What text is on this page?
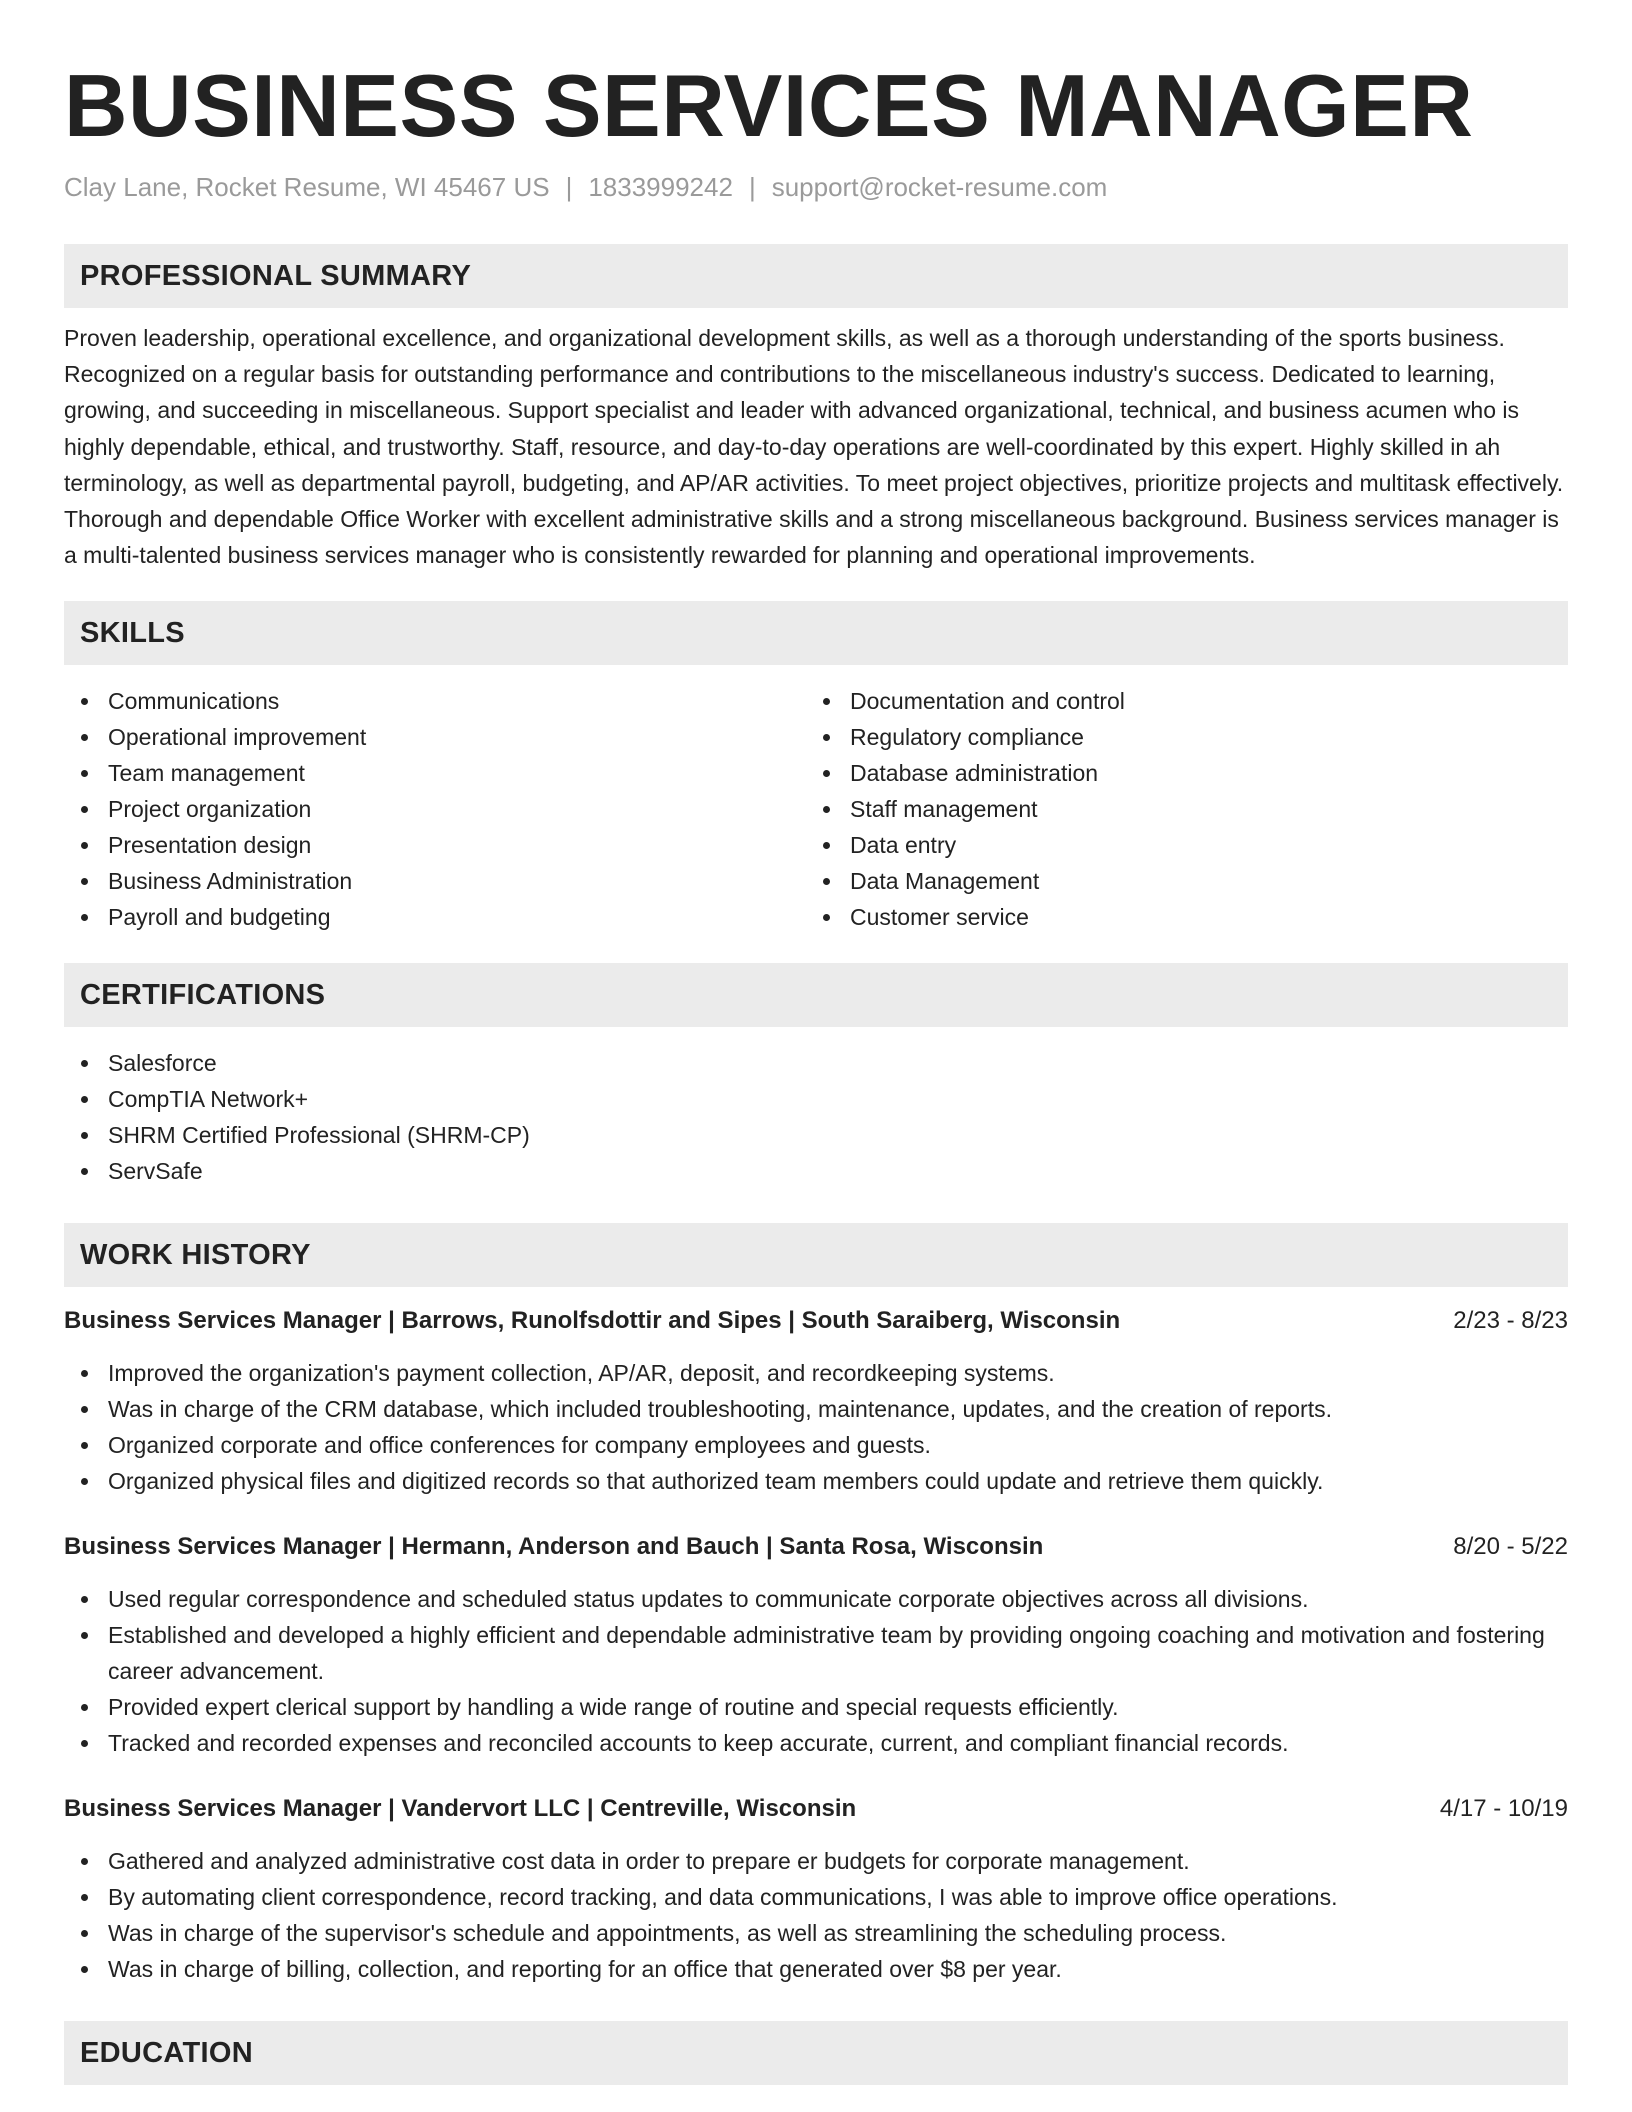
BUSINESS SERVICES MANAGER
Clay Lane, Rocket Resume, WI 45467 US | 1833999242 | support@rocket-resume.com
PROFESSIONAL SUMMARY

Proven leadership, operational excellence, and organizational development skills, as well as a thorough understanding of the sports business. Recognized on a regular basis for outstanding performance and contributions to the miscellaneous industry's success. Dedicated to learning, growing, and succeeding in miscellaneous. Support specialist and leader with advanced organizational, technical, and business acumen who is highly dependable, ethical, and trustworthy. Staff, resource, and day-to-day operations are well-coordinated by this expert. Highly skilled in ah terminology, as well as departmental payroll, budgeting, and AP/AR activities. To meet project objectives, prioritize projects and multitask effectively. Thorough and dependable Office Worker with excellent administrative skills and a strong miscellaneous background. Business services manager is a multi-talented business services manager who is consistently rewarded for planning and operational improvements.

SKILLS
Communications
Operational improvement
Team management
Project organization
Presentation design
Business Administration
Payroll and budgeting
Documentation and control
Regulatory compliance
Database administration
Staff management
Data entry
Data Management
Customer service
CERTIFICATIONS
Salesforce
CompTIA Network+
SHRM Certified Professional (SHRM-CP)
ServSafe
WORK HISTORY
Business Services Manager | Barrows, Runolfsdottir and Sipes | South Saraiberg, Wisconsin	2/23 - 8/23
Improved the organization's payment collection, AP/AR, deposit, and recordkeeping systems.
Was in charge of the CRM database, which included troubleshooting, maintenance, updates, and the creation of reports.
Organized corporate and office conferences for company employees and guests.
Organized physical files and digitized records so that authorized team members could update and retrieve them quickly.
Business Services Manager | Hermann, Anderson and Bauch | Santa Rosa, Wisconsin	8/20 - 5/22
Used regular correspondence and scheduled status updates to communicate corporate objectives across all divisions.
Established and developed a highly efficient and dependable administrative team by providing ongoing coaching and motivation and fostering career advancement.
Provided expert clerical support by handling a wide range of routine and special requests efficiently.
Tracked and recorded expenses and reconciled accounts to keep accurate, current, and compliant financial records.
Business Services Manager | Vandervort LLC | Centreville, Wisconsin	4/17 - 10/19
Gathered and analyzed administrative cost data in order to prepare er budgets for corporate management.
By automating client correspondence, record tracking, and data communications, I was able to improve office operations.
Was in charge of the supervisor's schedule and appointments, as well as streamlining the scheduling process.
Was in charge of billing, collection, and reporting for an office that generated over $8 per year.
EDUCATION
